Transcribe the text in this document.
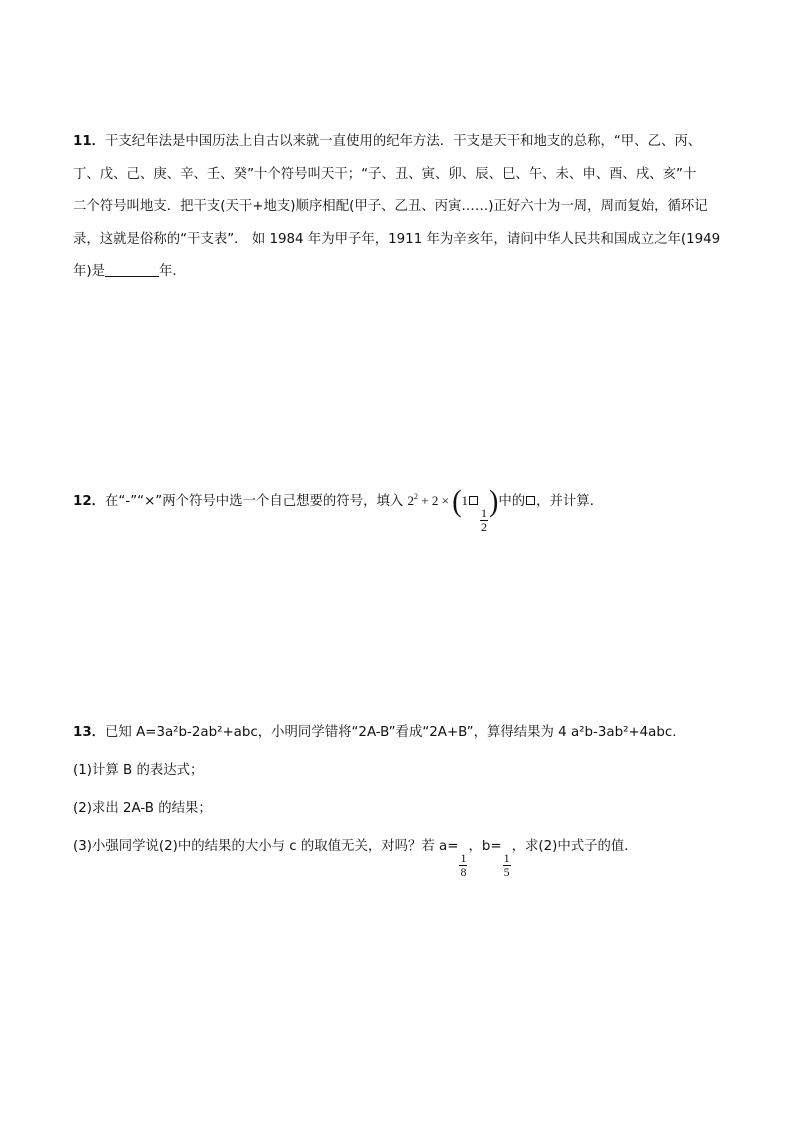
11．干支纪年法是中国历法上自古以来就一直使用的纪年方法．干支是天干和地支的总称，“甲、乙、丙、
丁、戊、己、庚、辛、壬、癸”十个符号叫天干；“子、丑、寅、卯、辰、巳、午、未、申、酉、戌、亥”十
二个符号叫地支．把干支(天干+地支)顺序相配(甲子、乙丑、丙寅……)正好六十为一周，周而复始，循环记
录，这就是俗称的“干支表”． 如 1984 年为甲子年，1911 年为辛亥年，请问中华人民共和国成立之年(1949
年)是	年．
12．在“-”“×”两个符号中选一个自己想要的符号，填入 $2^2 + 2 \times (1$
$\frac{1}{2}$
)中的 ，并计算．
13．已知 A=3a²b-2ab²+abc，小明同学错将“2A-B”看成“2A+B”，算得结果为 4 a²b-3ab²+4abc．
(1)计算 B 的表达式；
(2)求出 2A-B 的结果；
(3)小强同学说(2)中的结果的大小与 c 的取值无关，对吗？若 a=
$\frac{1}{8}$
，b=
$\frac{1}{5}$
，求(2)中式子的值．
